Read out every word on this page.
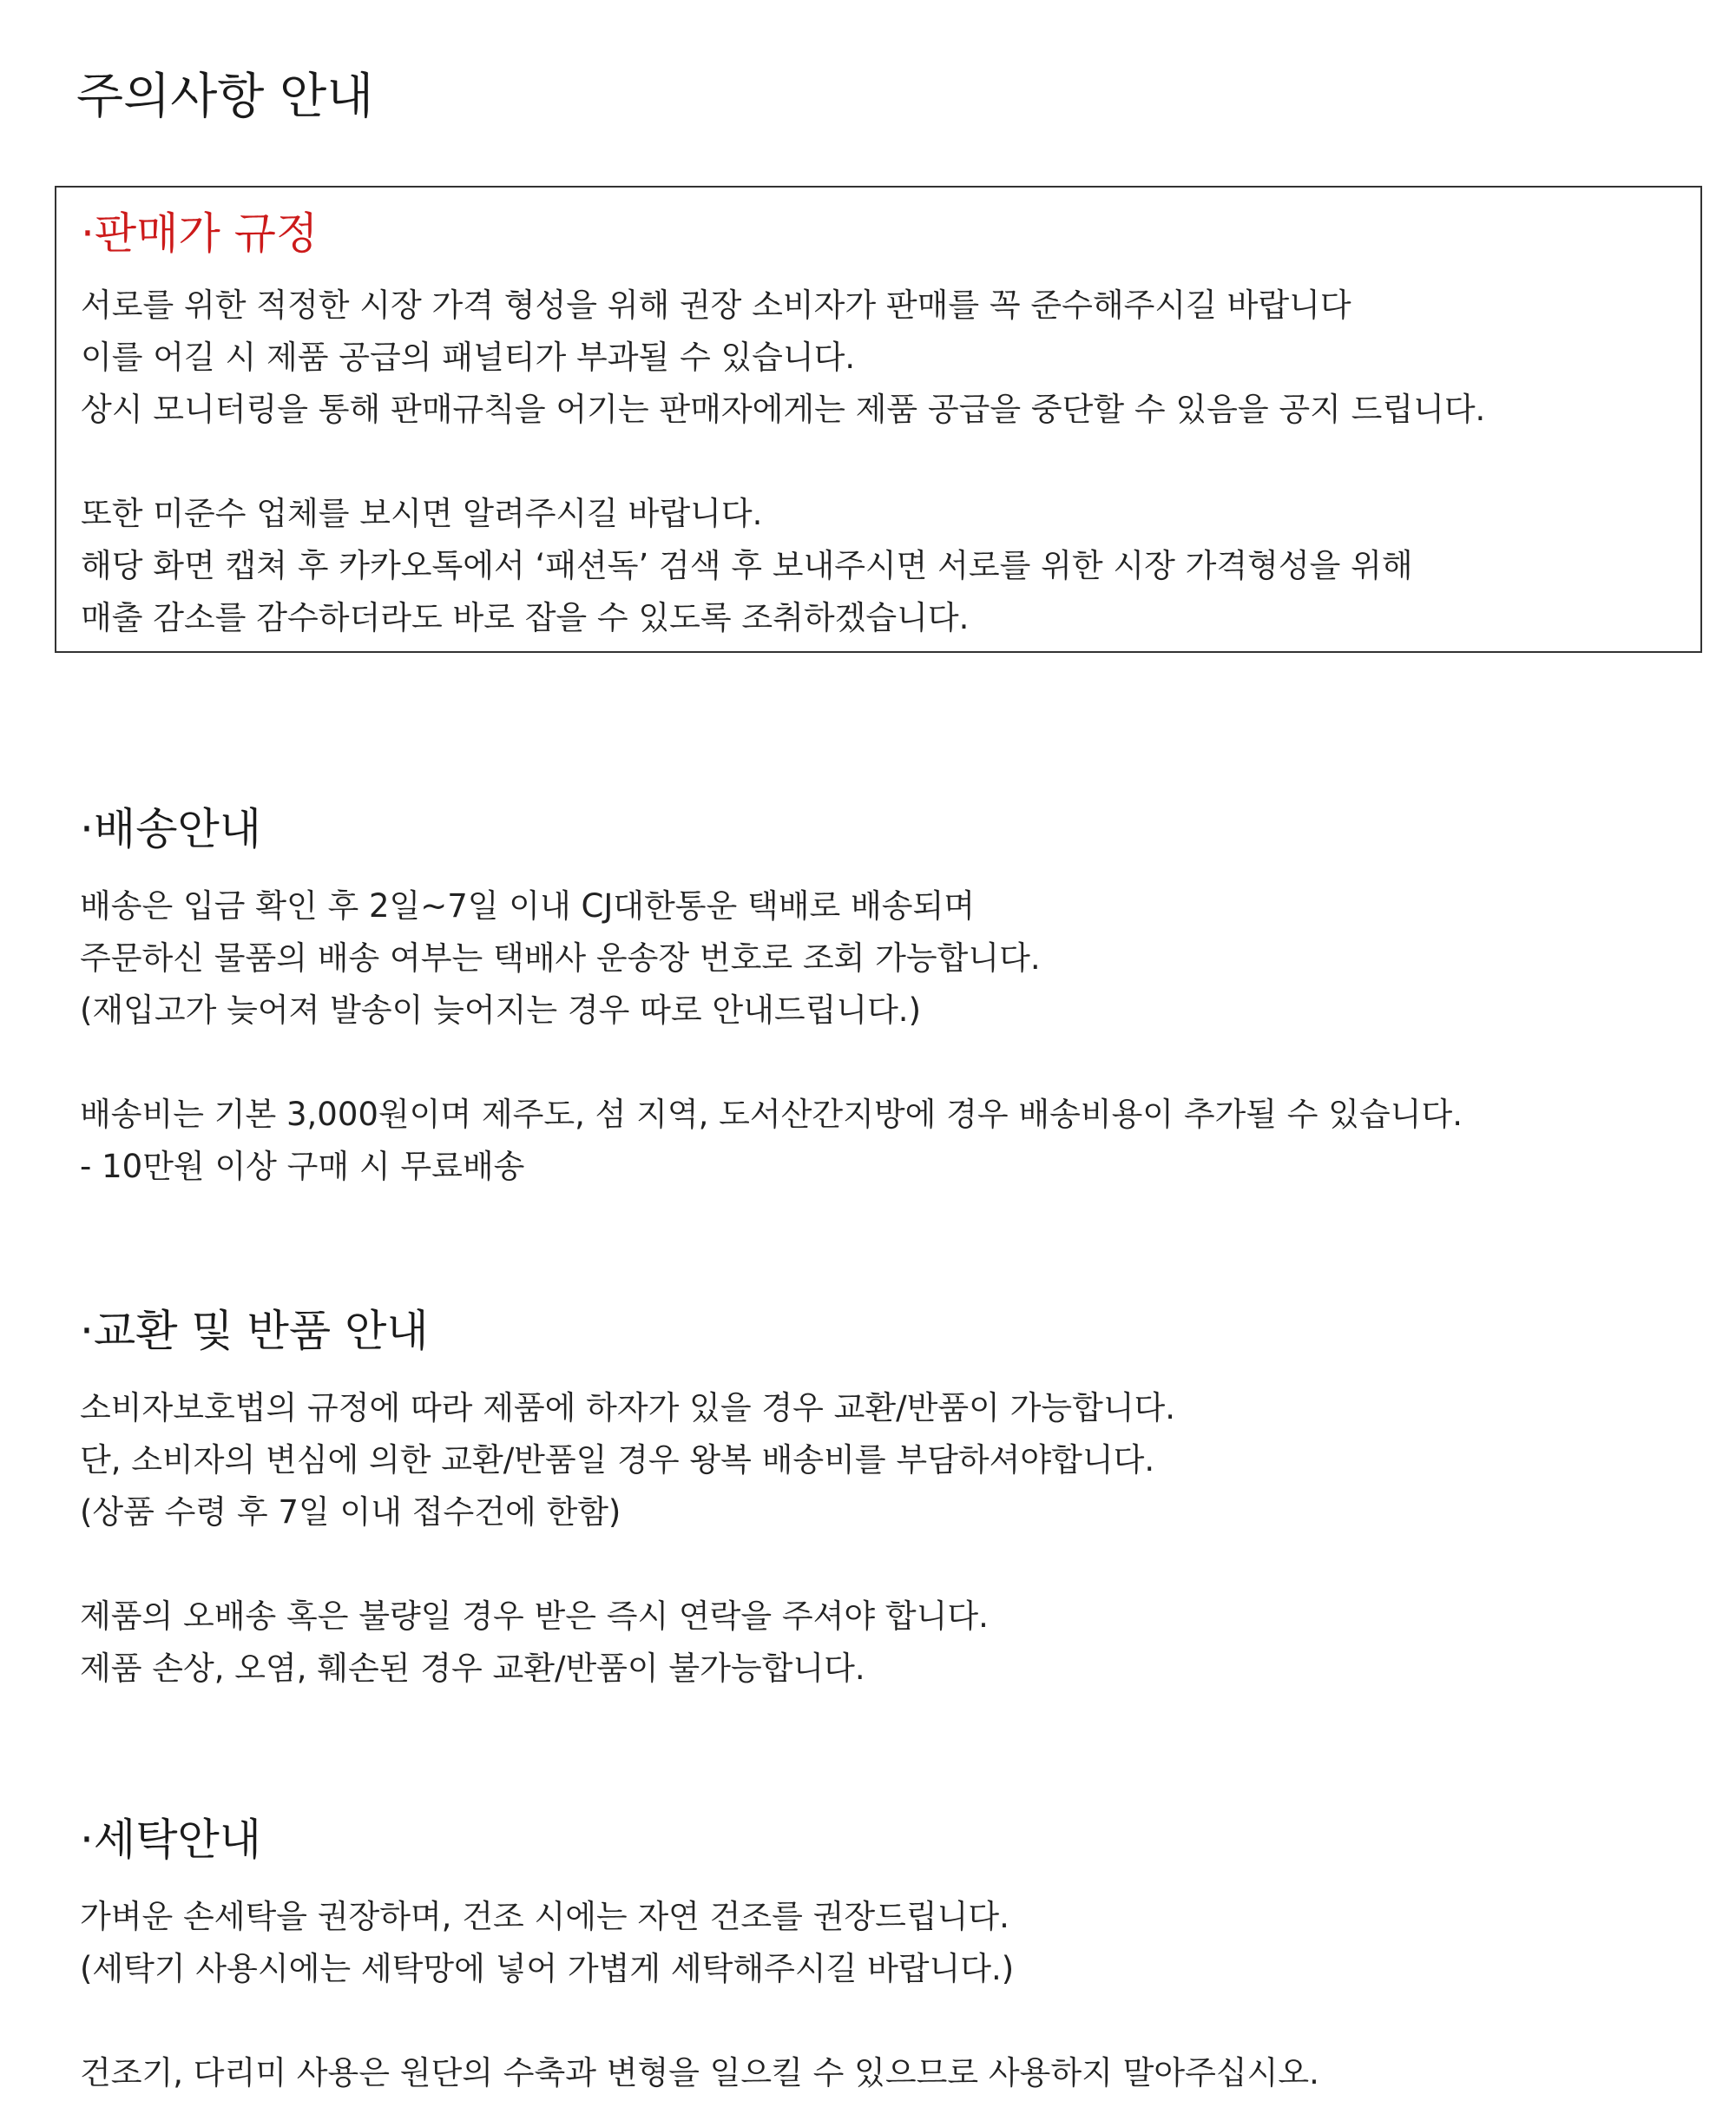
주의사항 안내
·판매가 규정
서로를 위한 적정한 시장 가격 형성을 위해 권장 소비자가 판매를 꼭 준수해주시길 바랍니다
이를 어길 시 제품 공급의 패널티가 부과될 수 있습니다.
상시 모니터링을 통해 판매규칙을 어기는 판매자에게는 제품 공급을 중단할 수 있음을 공지 드립니다.
또한 미준수 업체를 보시면 알려주시길 바랍니다.
해당 화면 캡쳐 후 카카오톡에서 ‘패션독’ 검색 후 보내주시면 서로를 위한 시장 가격형성을 위해
매출 감소를 감수하더라도 바로 잡을 수 있도록 조취하겠습니다.
·배송안내
배송은 입금 확인 후 2일~7일 이내 CJ대한통운 택배로 배송되며
주문하신 물품의 배송 여부는 택배사 운송장 번호로 조회 가능합니다.
(재입고가 늦어져 발송이 늦어지는 경우 따로 안내드립니다.)
배송비는 기본 3,000원이며 제주도, 섬 지역, 도서산간지방에 경우 배송비용이 추가될 수 있습니다.
- 10만원 이상 구매 시 무료배송
·교환 및 반품 안내
소비자보호법의 규정에 따라 제품에 하자가 있을 경우 교환/반품이 가능합니다.
단, 소비자의 변심에 의한 교환/반품일 경우 왕복 배송비를 부담하셔야합니다.
(상품 수령 후 7일 이내 접수건에 한함)
제품의 오배송 혹은 불량일 경우 받은 즉시 연락을 주셔야 합니다.
제품 손상, 오염, 훼손된 경우 교환/반품이 불가능합니다.
·세탁안내
가벼운 손세탁을 권장하며, 건조 시에는 자연 건조를 권장드립니다.
(세탁기 사용시에는 세탁망에 넣어 가볍게 세탁해주시길 바랍니다.)
건조기, 다리미 사용은 원단의 수축과 변형을 일으킬 수 있으므로 사용하지 말아주십시오.
